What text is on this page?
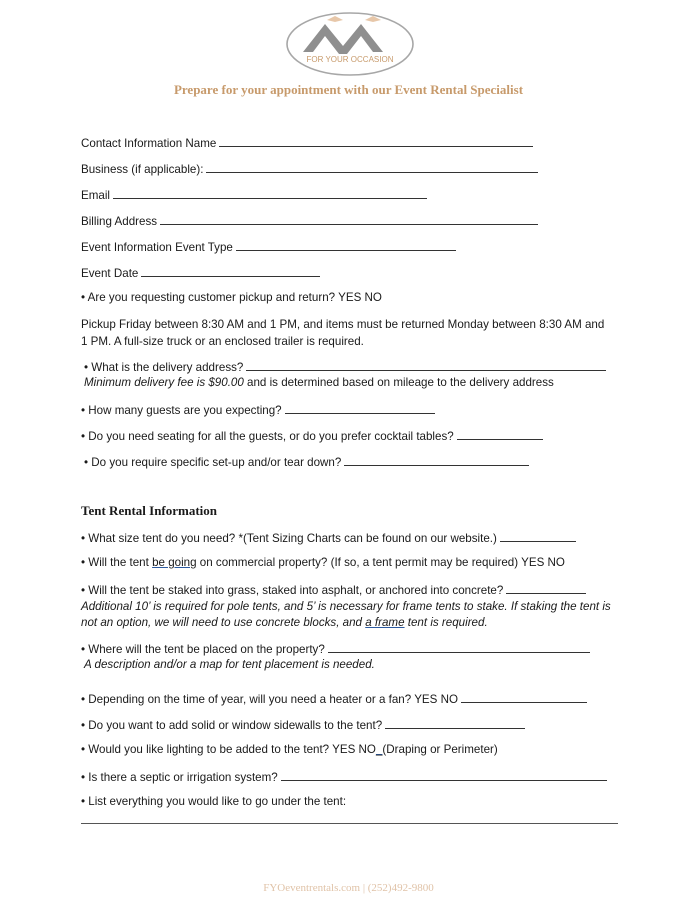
FOR YOUR OCCASION
Prepare for your appointment with our Event Rental Specialist
Contact Information Name
Business (if applicable):
Email
Billing Address
Event Information Event Type
Event Date
• Are you requesting customer pickup and return? YES NO
Pickup Friday between 8:30 AM and 1 PM, and items must be returned Monday between 8:30 AM and 1 PM. A full-size truck or an enclosed trailer is required.
• What is the delivery address?
Minimum delivery fee is $90.00 and is determined based on mileage to the delivery address
• How many guests are you expecting?
• Do you need seating for all the guests, or do you prefer cocktail tables?
• Do you require specific set-up and/or tear down?
Tent Rental Information
• What size tent do you need? *(Tent Sizing Charts can be found on our website.)
• Will the tent be going on commercial property? (If so, a tent permit may be required) YES NO
• Will the tent be staked into grass, staked into asphalt, or anchored into concrete?
Additional 10’ is required for pole tents, and 5’ is necessary for frame tents to stake. If staking the tent is not an option, we will need to use concrete blocks, and a frame tent is required.
• Where will the tent be placed on the property?
A description and/or a map for tent placement is needed.
• Depending on the time of year, will you need a heater or a fan? YES NO
• Do you want to add solid or window sidewalls to the tent?
• Would you like lighting to be added to the tent? YES NO_(Draping or Perimeter)
• Is there a septic or irrigation system?
• List everything you would like to go under the tent:
FYOeventrentals.com | (252)492-9800
